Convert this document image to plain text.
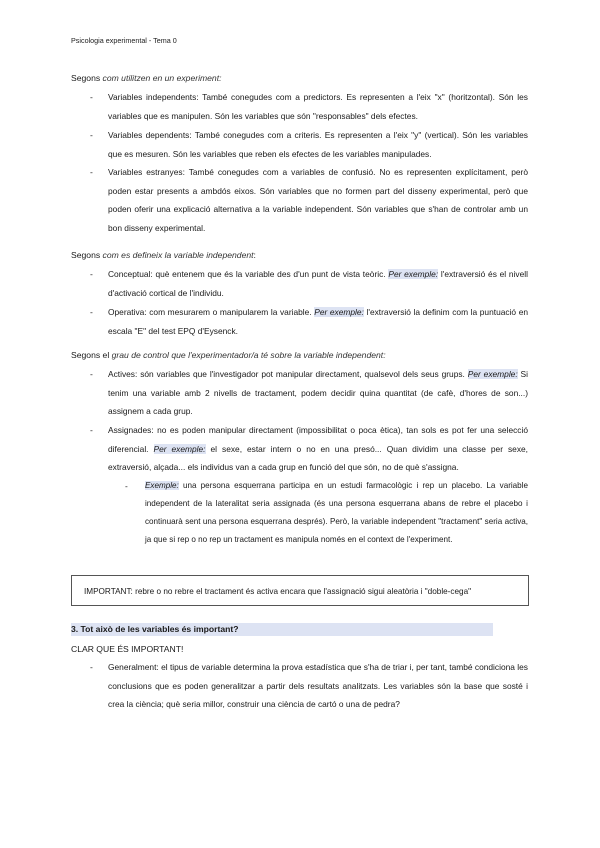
Psicologia experimental - Tema 0
Segons com utilitzen en un experiment:
- Variables independents: També conegudes com a predictors. Es representen a l'eix "x" (horitzontal). Són les variables que es manipulen. Són les variables que són "responsables" dels efectes.
- Variables dependents: També conegudes com a criteris. Es representen a l'eix "y" (vertical). Són les variables que es mesuren. Són les variables que reben els efectes de les variables manipulades.
- Variables estranyes: També conegudes com a variables de confusió. No es representen explícitament, però poden estar presents a ambdós eixos. Són variables que no formen part del disseny experimental, però que poden oferir una explicació alternativa a la variable independent. Són variables que s'han de controlar amb un bon disseny experimental.
Segons com es defineix la variable independent:
- Conceptual: què entenem que és la variable des d'un punt de vista teòric. Per exemple: l'extraversió és el nivell d'activació cortical de l'individu.
- Operativa: com mesurarem o manipularem la variable. Per exemple: l'extraversió la definim com la puntuació en escala "E" del test EPQ d'Eysenck.
Segons el grau de control que l'experimentador/a té sobre la variable independent:
- Actives: són variables que l'investigador pot manipular directament, qualsevol dels seus grups. Per exemple: Si tenim una variable amb 2 nivells de tractament, podem decidir quina quantitat (de cafè, d'hores de son...) assignem a cada grup.
- Assignades: no es poden manipular directament (impossibilitat o poca ètica), tan sols es pot fer una selecció diferencial. Per exemple: el sexe, estar intern o no en una presó... Quan dividim una classe per sexe, extraversió, alçada... els individus van a cada grup en funció del que són, no de què s'assigna.
- Exemple: una persona esquerrana participa en un estudi farmacològic i rep un placebo. La variable independent de la lateralitat seria assignada (és una persona esquerrana abans de rebre el placebo i continuarà sent una persona esquerrana després). Però, la variable independent "tractament" seria activa, ja que si rep o no rep un tractament es manipula només en el context de l'experiment.
IMPORTANT: rebre o no rebre el tractament és activa encara que l'assignació sigui aleatòria i "doble-cega"
3. Tot això de les variables és important?
CLAR QUE ÉS IMPORTANT!
- Generalment: el tipus de variable determina la prova estadística que s'ha de triar i, per tant, també condiciona les conclusions que es poden generalitzar a partir dels resultats analitzats. Les variables són la base que sosté i crea la ciència; què seria millor, construir una ciència de cartó o una de pedra?
